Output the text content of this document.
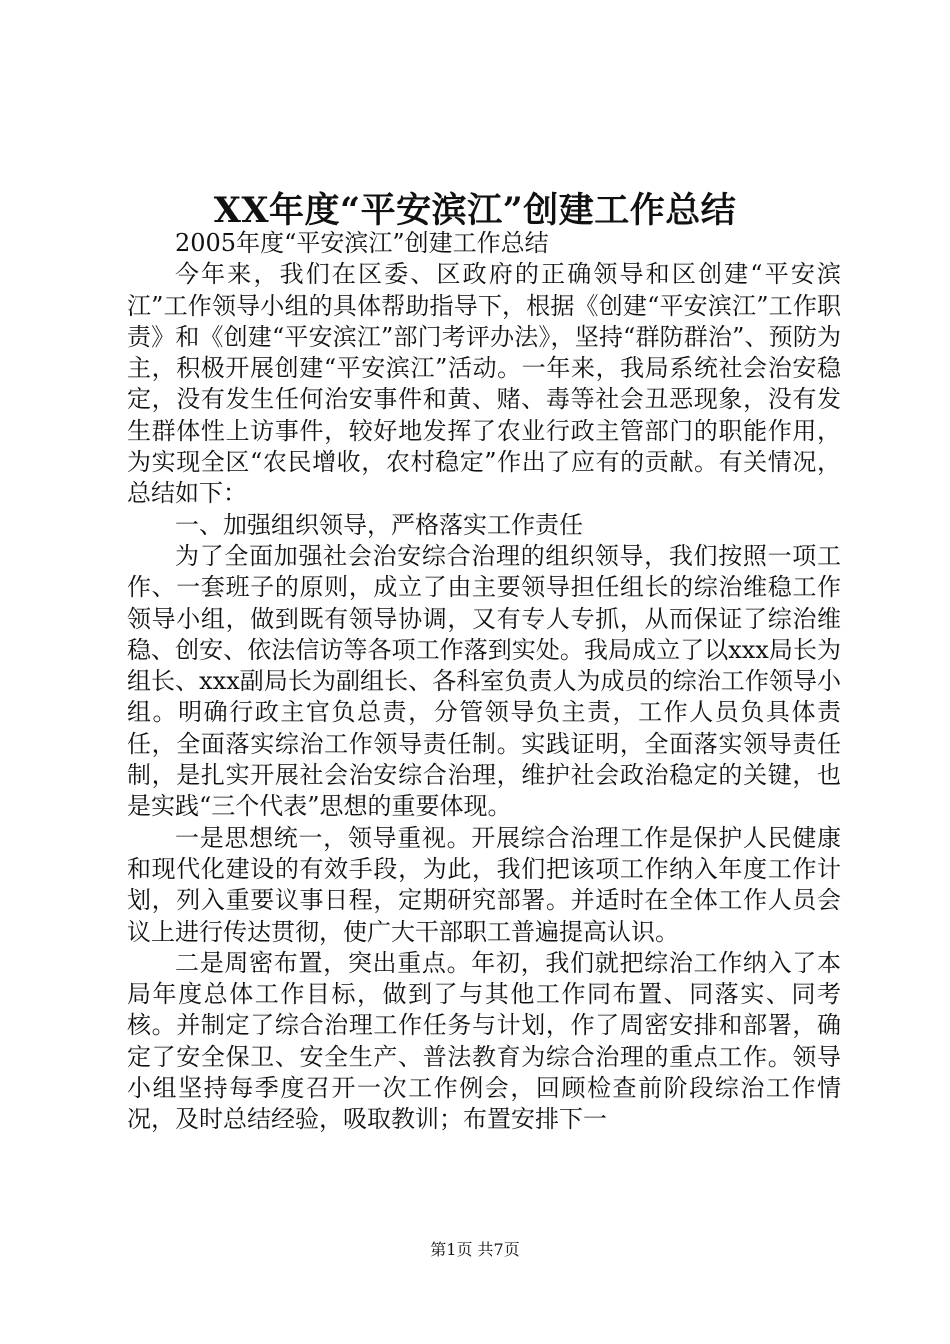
XX年度“平安滨江”创建工作总结

2005年度“平安滨江”创建工作总结

今年来，我们在区委、区政府的正确领导和区创建“平安滨江”工作领导小组的具体帮助指导下，根据《创建“平安滨江”工作职责》和《创建“平安滨江”部门考评办法》，坚持“群防群治”、预防为主，积极开展创建“平安滨江”活动。一年来，我局系统社会治安稳定，没有发生任何治安事件和黄、赌、毒等社会丑恶现象，没有发生群体性上访事件，较好地发挥了农业行政主管部门的职能作用，为实现全区“农民增收，农村稳定”作出了应有的贡献。有关情况，总结如下：

一、加强组织领导，严格落实工作责任

为了全面加强社会治安综合治理的组织领导，我们按照一项工作、一套班子的原则，成立了由主要领导担任组长的综治维稳工作领导小组，做到既有领导协调，又有专人专抓，从而保证了综治维稳、创安、依法信访等各项工作落到实处。我局成立了以xxx局长为组长、xxx副局长为副组长、各科室负责人为成员的综治工作领导小组。明确行政主官负总责，分管领导负主责，工作人员负具体责任，全面落实综治工作领导责任制。实践证明，全面落实领导责任制，是扎实开展社会治安综合治理，维护社会政治稳定的关键，也是实践“三个代表”思想的重要体现。

一是思想统一，领导重视。开展综合治理工作是保护人民健康和现代化建设的有效手段，为此，我们把该项工作纳入年度工作计划，列入重要议事日程，定期研究部署。并适时在全体工作人员会议上进行传达贯彻，使广大干部职工普遍提高认识。

二是周密布置，突出重点。年初，我们就把综治工作纳入了本局年度总体工作目标，做到了与其他工作同布置、同落实、同考核。并制定了综合治理工作任务与计划，作了周密安排和部署，确定了安全保卫、安全生产、普法教育为综合治理的重点工作。领导小组坚持每季度召开一次工作例会，回顾检查前阶段综治工作情况，及时总结经验，吸取教训；布置安排下一

第1页 共7页
